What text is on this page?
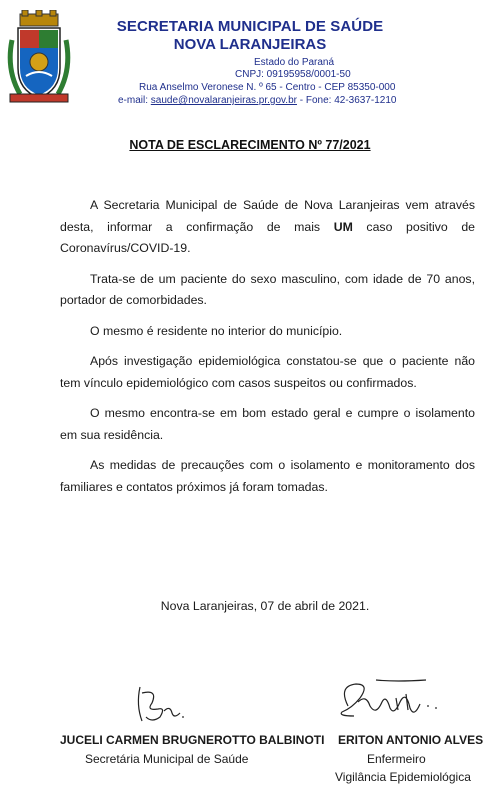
SECRETARIA MUNICIPAL DE SAÚDE
NOVA LARANJEIRAS
Estado do Paraná
CNPJ: 09195958/0001-50
Rua Anselmo Veronese N. º 65 - Centro - CEP 85350-000
e-mail: saude@novalaranjeiras.pr.gov.br - Fone: 42-3637-1210
NOTA DE ESCLARECIMENTO Nº 77/2021

A Secretaria Municipal de Saúde de Nova Laranjeiras vem através desta, informar a confirmação de mais UM caso positivo de Coronavírus/COVID-19.

Trata-se de um paciente do sexo masculino, com idade de 70 anos, portador de comorbidades.

O mesmo é residente no interior do município.

Após investigação epidemiológica constatou-se que o paciente não tem vínculo epidemiológico com casos suspeitos ou confirmados.

O mesmo encontra-se em bom estado geral e cumpre o isolamento em sua residência.

As medidas de precauções com o isolamento e monitoramento dos familiares e contatos próximos já foram tomadas.

Nova Laranjeiras, 07 de abril de 2021.
JUCELI CARMEN BRUGNEROTTO BALBINOTI
Secretária Municipal de Saúde
ERITON ANTONIO ALVES
Enfermeiro
Vigilância Epidemiológica
